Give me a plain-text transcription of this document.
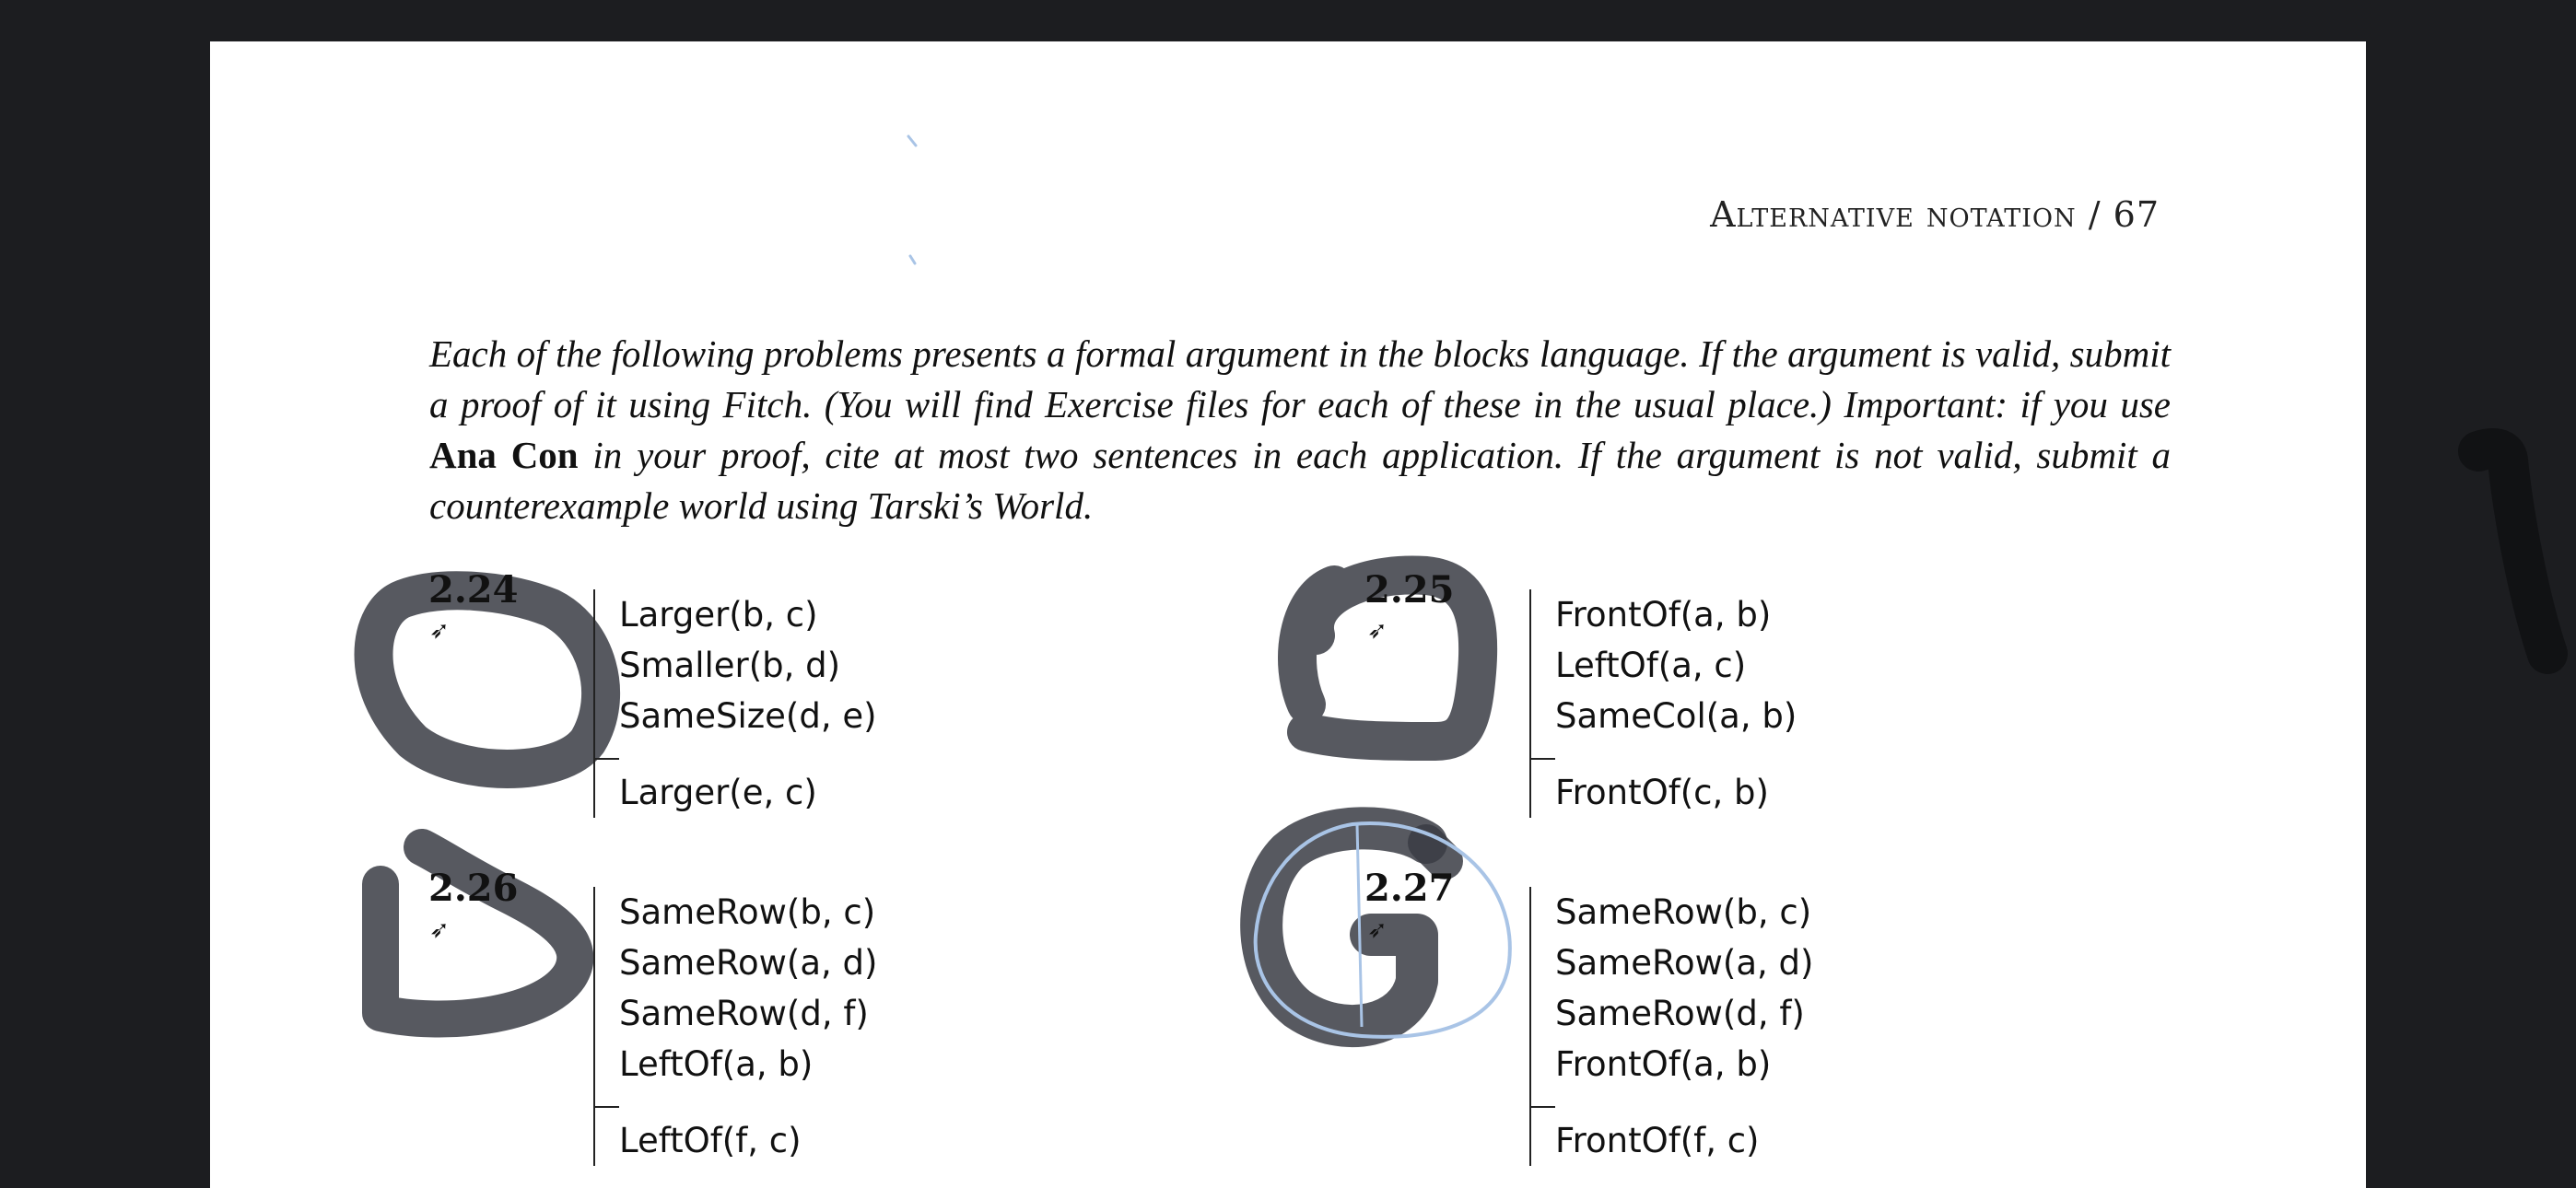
Alternative notation / 67
Each of the following problems presents a formal argument in the blocks language. If the argument is valid, submit a proof of it using Fitch. (You will find Exercise files for each of these in the usual place.) Important: if you use Ana Con in your proof, cite at most two sentences in each application. If the argument is not valid, submit a counterexample world using Tarski’s World.
2.24
➶	Larger(b, c)
Smaller(b, d)
SameSize(d, e)
Larger(e, c)
2.25
➶	FrontOf(a, b)
LeftOf(a, c)
SameCol(a, b)
FrontOf(c, b)
2.26
➶	SameRow(b, c)
SameRow(a, d)
SameRow(d, f)
LeftOf(a, b)
LeftOf(f, c)
2.27
➶	SameRow(b, c)
SameRow(a, d)
SameRow(d, f)
FrontOf(a, b)
FrontOf(f, c)
